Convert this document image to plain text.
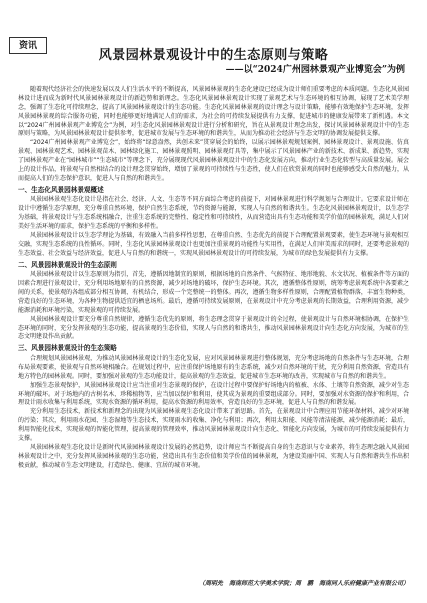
资讯
风景园林景观设计中的生态原则与策略
——以“2024广州园林景观产业博览会”为例

随着现代经济社会的快速发展以及人们生活水平的不断提高，风景园林景观的生态化建设已经成为设计师们重要考虑的本质问题。生态化风景园林设计进而成为新时代风景园林景观设计的新趋势和新理念。生态化风景园林景观设计实现了景观艺术与生态环境的相互协调，展现了艺术美学理念，强调了生态化可持续理念，提高了风景园林景观设计的生态功能。生态化风景园林景观的设计理念与设计策略，能够有效地保护生态环境，发挥风景园林景观的综合服务功能，同时也能够更好地满足人们的需求，为社会的可持续发展提供有力支撑，促进城市的健康发展带来了新机遇。本文以“2024广州园林景观产业博览会”为例，对生态化风景园林景观设计进行分析和研究，旨在从景观设计理念出发，探讨风景园林景观设计中的生态原则与策略，为风景园林景观设计提供参考，促进城市发展与生态环境的和谐共生，从而为推动社会经济与生态文明的协调发展提供支撑。

“2024广州园林景观产业博览会”，始终将“绿意盎然，共创未来”贯穿展会的始终，以展示园林景观规划案例、园林景观设计、景观设施、仿真景观、园林景观艺术、园林景观苗木、园林绿化施工、园林景观照明、园林景观灯具等，集中展示了风景园林产业的新技术、新成果、新趋势，实现了园林景观产业在“园林城市”“生态城市”等理念下，充分展现现代风景园林景观设计中的生态化发展方向，推动行业生态化转型与高质量发展。展会上的设计作品，将景观与自然相结合的设计理念贯穿始终，增加了景观的可持续性与生态性，使人们在欣赏景观的同时也能够感受大自然的魅力，从而提高人们的生态保护意识，促进人与自然的和谐共生。

一、生态化风景园林景观概述

风景园林景观生态化设计是指在社会、经济、人文、生态等不同方面综合考虑的前提下，对园林景观进行科学规划与合理设计。它要求设计师在设计中遵循生态学原理，充分尊重自然环境，保护自然生态系统，节约资源与能源，实现人与自然的和谐共生。生态化风景园林景观设计，以生态学为基础，将景观设计与生态系统相融合，注重生态系统的完整性、稳定性和可持续性，从而营造出具有生态功能和美学价值的园林景观，满足人们对美好生活环境的需求，保护生态系统的平衡和多样性。

风景园林景观设计以生态学理论为基础，有效融入当前多样性思想，在尊重自然、生态优先的前提下合理配置景观要素，使生态环境与景观相互交融，实现生态系统的良性循环。同时，生态化风景园林景观设计也更加注重景观的功能性与实用性，在满足人们审美需求的同时，还要考虑景观的生态效益、社会效益与经济效益，促进人与自然的和谐统一，实现风景园林景观设计的可持续发展，为城市的绿色发展提供有力支撑。

二、风景园林景观设计的生态原则

风景园林景观设计以生态原则为指引，首先，遵循因地制宜的原则，根据场地的自然条件、气候特征、地形地貌、水文状况、植被条件等方面的因素合理进行景观设计，充分利用场地原有的自然资源，减少对场地的破坏，保护生态环境。其次，遵循整体性原则，统筹考虑景观系统中各要素之间的关系，使景观的各组成部分相互协调、有机结合，形成一个完整统一的整体。再次，遵循生物多样性原则，合理配置植物群落，丰富生物种类，营造良好的生态环境，为各种生物提供适宜的栖息场所。最后，遵循可持续发展原则，在景观设计中充分考虑景观的长期效益，合理利用资源，减少能源消耗和环境污染，实现景观的可持续发展。

风景园林景观设计要充分尊重自然规律，遵循生态优先的原则，将生态理念贯穿于景观设计的全过程，使景观设计与自然环境相协调，在保护生态环境的同时，充分发挥景观的生态功能，提高景观的生态价值，实现人与自然的和谐共生，推动风景园林景观设计向生态化方向发展，为城市的生态文明建设作出贡献。

三、风景园林景观设计的生态策略

合理规划风景园林景观，为推动风景园林景观设计的生态化发展，应对风景园林景观进行整体规划，充分考虑场地的自然条件与生态环境，合理布局景观要素，使景观与自然环境相融合。在规划过程中，应注重保护场地原有的生态系统，减少对自然环境的干扰，充分利用自然资源，营造具有地方特色的园林景观。同时，要加强对景观的生态功能设计，提高景观的生态效益，促进城市生态环境的改善，实现城市与自然的和谐共生。

加强生态景观保护，风景园林景观设计应当注重对生态景观的保护，在设计过程中要保护好场地内的植被、水体、土壤等自然资源，减少对生态环境的破坏。对于场地内的古树名木、珍稀植物等，应当加以保护和利用，使其成为景观的重要组成部分。同时，要加强对水资源的保护和利用，合理设计雨水收集与利用系统，实现水资源的循环利用，提高水资源的利用效率，营造良好的生态环境，促进人与自然的和谐发展。

充分利用生态技术，新技术和新理念的出现为风景园林景观生态化设计带来了新思路。首先，在景观设计中合理应用节能环保材料，减少对环境的污染；其次，利用雨水花园、生态湿地等生态技术，实现雨水的收集、净化与利用；再次，利用太阳能、风能等清洁能源，减少能源消耗；最后，利用智能化技术，实现景观的智能化管理，提高景观的管理效率，推动风景园林景观设计向生态化、智能化方向发展，为城市的可持续发展提供有力支撑。

风景园林景观生态化设计是新时代风景园林景观设计发展的必然趋势，设计师应当不断提高自身的生态意识与专业素养，将生态理念融入风景园林景观设计之中，充分发挥风景园林景观的生态功能，营造出具有生态价值和美学价值的园林景观，为建设美丽中国、实现人与自然和谐共生作出积极贡献，推动城市生态文明建设，打造绿色、健康、宜居的城市环境。

（周明先　海南师范大学美术学院；周　鹏　海南同人乐府健康产业有限公司）
